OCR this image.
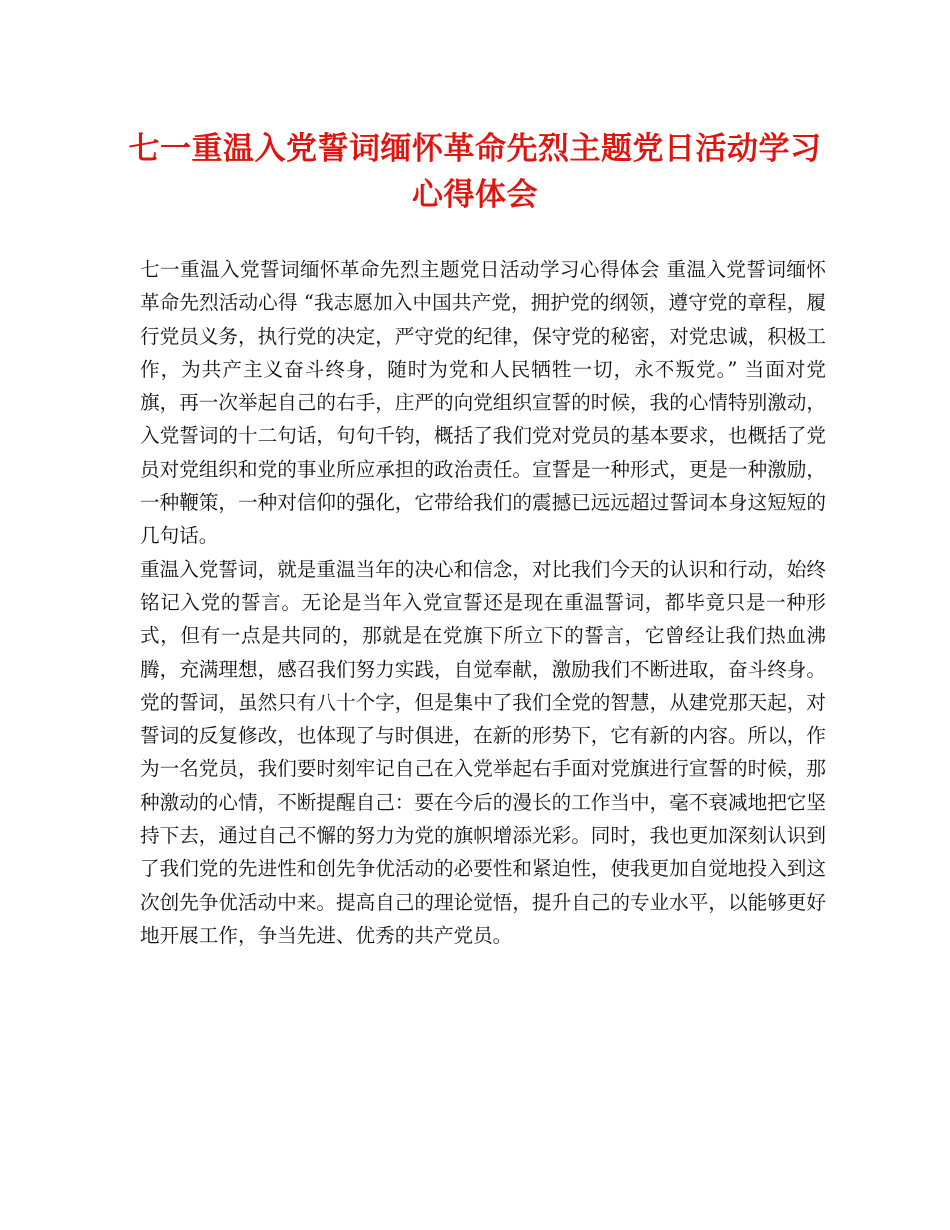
七一重温入党誓词缅怀革命先烈主题党日活动学习心得体会

七一重温入党誓词缅怀革命先烈主题党日活动学习心得体会 重温入党誓词缅怀革命先烈活动心得 “我志愿加入中国共产党，拥护党的纲领，遵守党的章程，履行党员义务，执行党的决定，严守党的纪律，保守党的秘密，对党忠诚，积极工作，为共产主义奋斗终身，随时为党和人民牺牲一切，永不叛党。” 当面对党旗，再一次举起自己的右手，庄严的向党组织宣誓的时候，我的心情特别激动，入党誓词的十二句话，句句千钧，概括了我们党对党员的基本要求，也概括了党员对党组织和党的事业所应承担的政治责任。宣誓是一种形式，更是一种激励，一种鞭策，一种对信仰的强化，它带给我们的震撼已远远超过誓词本身这短短的几句话。

重温入党誓词，就是重温当年的决心和信念，对比我们今天的认识和行动，始终铭记入党的誓言。无论是当年入党宣誓还是现在重温誓词，都毕竟只是一种形式，但有一点是共同的，那就是在党旗下所立下的誓言，它曾经让我们热血沸腾，充满理想，感召我们努力实践，自觉奉献，激励我们不断进取，奋斗终身。党的誓词，虽然只有八十个字，但是集中了我们全党的智慧，从建党那天起，对誓词的反复修改，也体现了与时俱进，在新的形势下，它有新的内容。所以，作为一名党员，我们要时刻牢记自己在入党举起右手面对党旗进行宣誓的时候，那种激动的心情，不断提醒自己：要在今后的漫长的工作当中，毫不衰减地把它坚持下去，通过自己不懈的努力为党的旗帜增添光彩。同时，我也更加深刻认识到了我们党的先进性和创先争优活动的必要性和紧迫性，使我更加自觉地投入到这次创先争优活动中来。提高自己的理论觉悟，提升自己的专业水平，以能够更好地开展工作，争当先进、优秀的共产党员。
